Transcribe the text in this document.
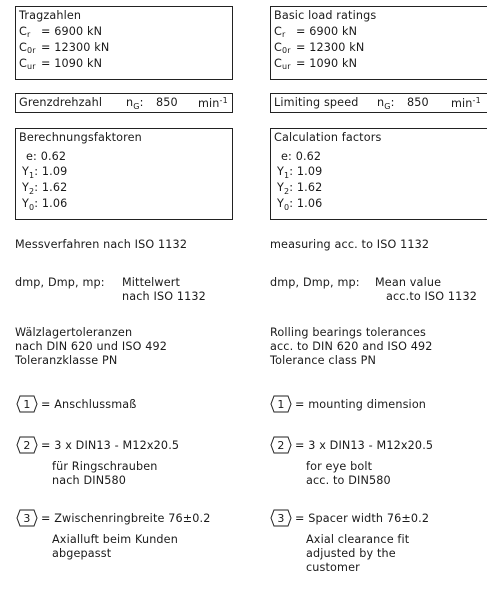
Tragzahlen
$C_r = 6900$ kN
$C_{0r} = 12300$ kN
$C_{ur} = 1090$ kN
Grenzdrehzahl $n_G$: 850 $\min^{-1}$
Berechnungsfaktoren
e: 0.62
$Y_1$: 1.09
$Y_2$: 1.62
$Y_0$: 1.06
Messverfahren nach ISO 1132
dmp, Dmp, mp: Mittelwert
nach ISO 1132
Wälzlagertoleranzen
nach DIN 620 und ISO 492
Toleranzklasse PN
1 = Anschlussmaß
2 = 3 x DIN13 - M12x20.5
für Ringschrauben
nach DIN580
3 = Zwischenringbreite 76±0.2
Axialluft beim Kunden
abgepasst
Basic load ratings
$C_r = 6900$ kN
$C_{0r} = 12300$ kN
$C_{ur} = 1090$ kN
Limiting speed $n_G$: 850 $\min^{-1}$
Calculation factors
e: 0.62
$Y_1$: 1.09
$Y_2$: 1.62
$Y_0$: 1.06
measuring acc. to ISO 1132
dmp, Dmp, mp: Mean value
acc.to ISO 1132
Rolling bearings tolerances
acc. to DIN 620 and ISO 492
Tolerance class PN
1 = mounting dimension
2 = 3 x DIN13 - M12x20.5
for eye bolt
acc. to DIN580
3 = Spacer width 76±0.2
Axial clearance fit
adjusted by the
customer
